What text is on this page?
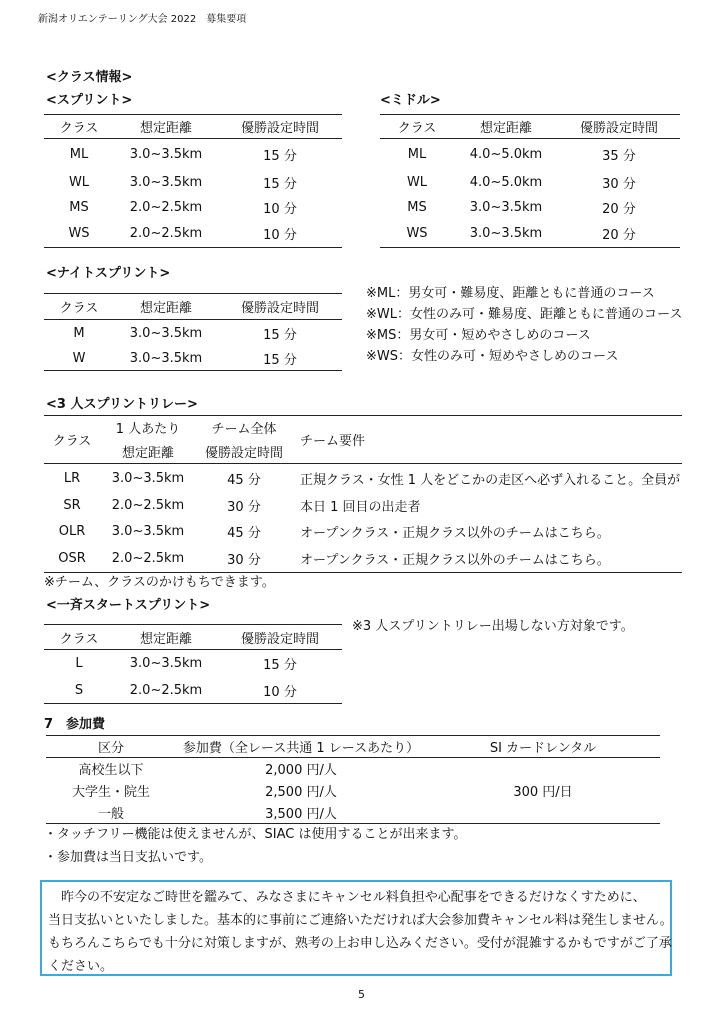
新潟オリエンテーリング大会 2022　募集要項
<クラス情報>
<スプリント>	<ミドル>
クラス	想定距離	優勝設定時間
ML	3.0~3.5km	15 分
WL	3.0~3.5km	15 分
MS	2.0~2.5km	10 分
WS	2.0~2.5km	10 分
クラス	想定距離	優勝設定時間
ML	4.0~5.0km	35 分
WL	4.0~5.0km	30 分
MS	3.0~3.5km	20 分
WS	3.0~3.5km	20 分
<ナイトスプリント>
クラス	想定距離	優勝設定時間
M	3.0~3.5km	15 分
W	3.0~3.5km	15 分
※ML：男女可・難易度、距離ともに普通のコース
※WL：女性のみ可・難易度、距離ともに普通のコース
※MS：男女可・短めやさしめのコース
※WS：女性のみ可・短めやさしめのコース
<3 人スプリントリレー>
クラス	1 人あたり	チーム全体	チーム要件
	想定距離	優勝設定時間	
LR	3.0~3.5km	45 分	正規クラス・女性 1 人をどこかの走区へ必ず入れること。全員が
SR	2.0~2.5km	30 分	本日 1 回目の出走者
OLR	3.0~3.5km	45 分	オープンクラス・正規クラス以外のチームはこちら。
OSR	2.0~2.5km	30 分	オープンクラス・正規クラス以外のチームはこちら。
※チーム、クラスのかけもちできます。
<一斉スタートスプリント>
※3 人スプリントリレー出場しない方対象です。
クラス	想定距離	優勝設定時間
L	3.0~3.5km	15 分
S	2.0~2.5km	10 分
7　参加費
区分	参加費（全レース共通 1 レースあたり）	SI カードレンタル
高校生以下	2,000 円/人	
大学生・院生	2,500 円/人	300 円/日
一般	3,500 円/人	
・タッチフリー機能は使えませんが、SIAC は使用することが出来ます。
・参加費は当日支払いです。
　昨今の不安定なご時世を鑑みて、みなさまにキャンセル料負担や心配事をできるだけなくすために、
当日支払いといたしました。基本的に事前にご連絡いただければ大会参加費キャンセル料は発生しません。
もちろんこちらでも十分に対策しますが、熟考の上お申し込みください。受付が混雑するかもですがご了承
ください。
5
